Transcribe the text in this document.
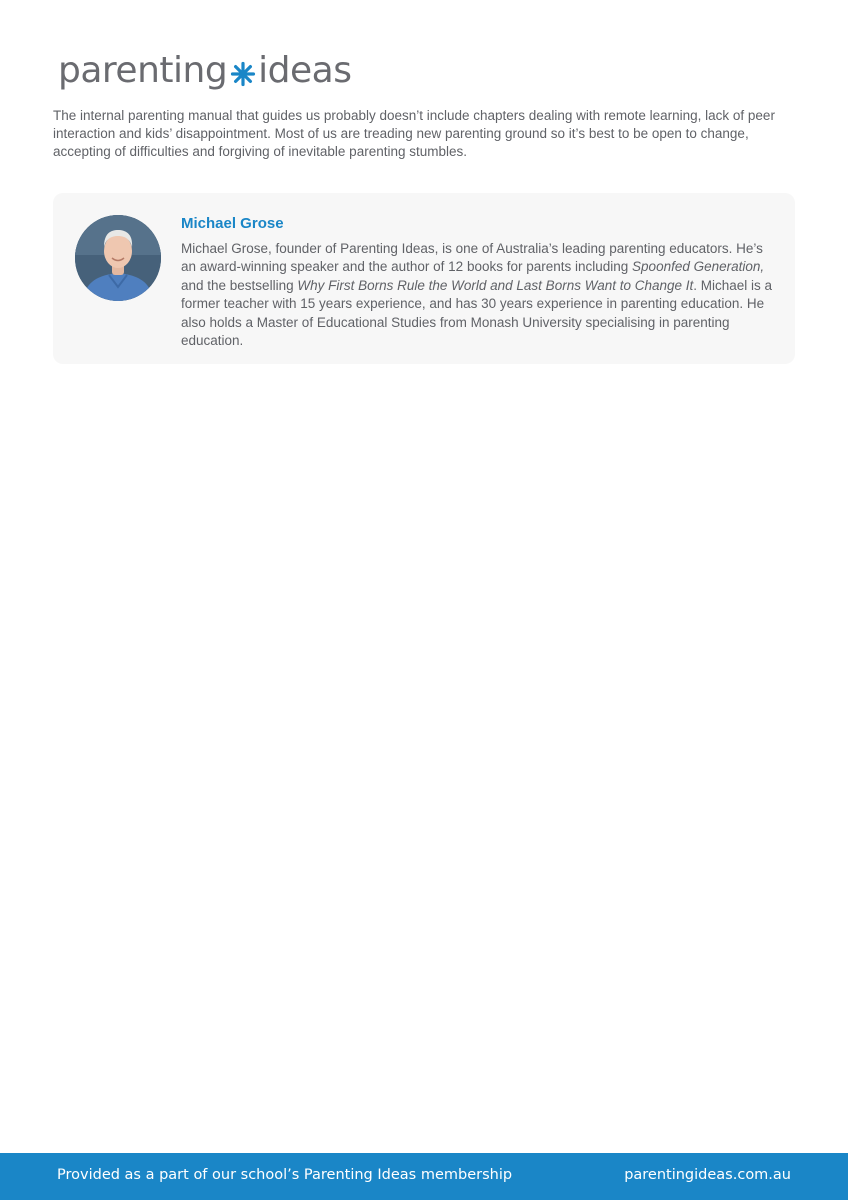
parenting ideas

The internal parenting manual that guides us probably doesn’t include chapters dealing with remote learning, lack of peer interaction and kids’ disappointment. Most of us are treading new parenting ground so it’s best to be open to change, accepting of difficulties and forgiving of inevitable parenting stumbles.

Michael Grose

Michael Grose, founder of Parenting Ideas, is one of Australia’s leading parenting educators. He’s an award-winning speaker and the author of 12 books for parents including Spoonfed Generation, and the bestselling Why First Borns Rule the World and Last Borns Want to Change It. Michael is a former teacher with 15 years experience, and has 30 years experience in parenting education. He also holds a Master of Educational Studies from Monash University specialising in parenting education.

Provided as a part of our school’s Parenting Ideas membership	parentingideas.com.au
